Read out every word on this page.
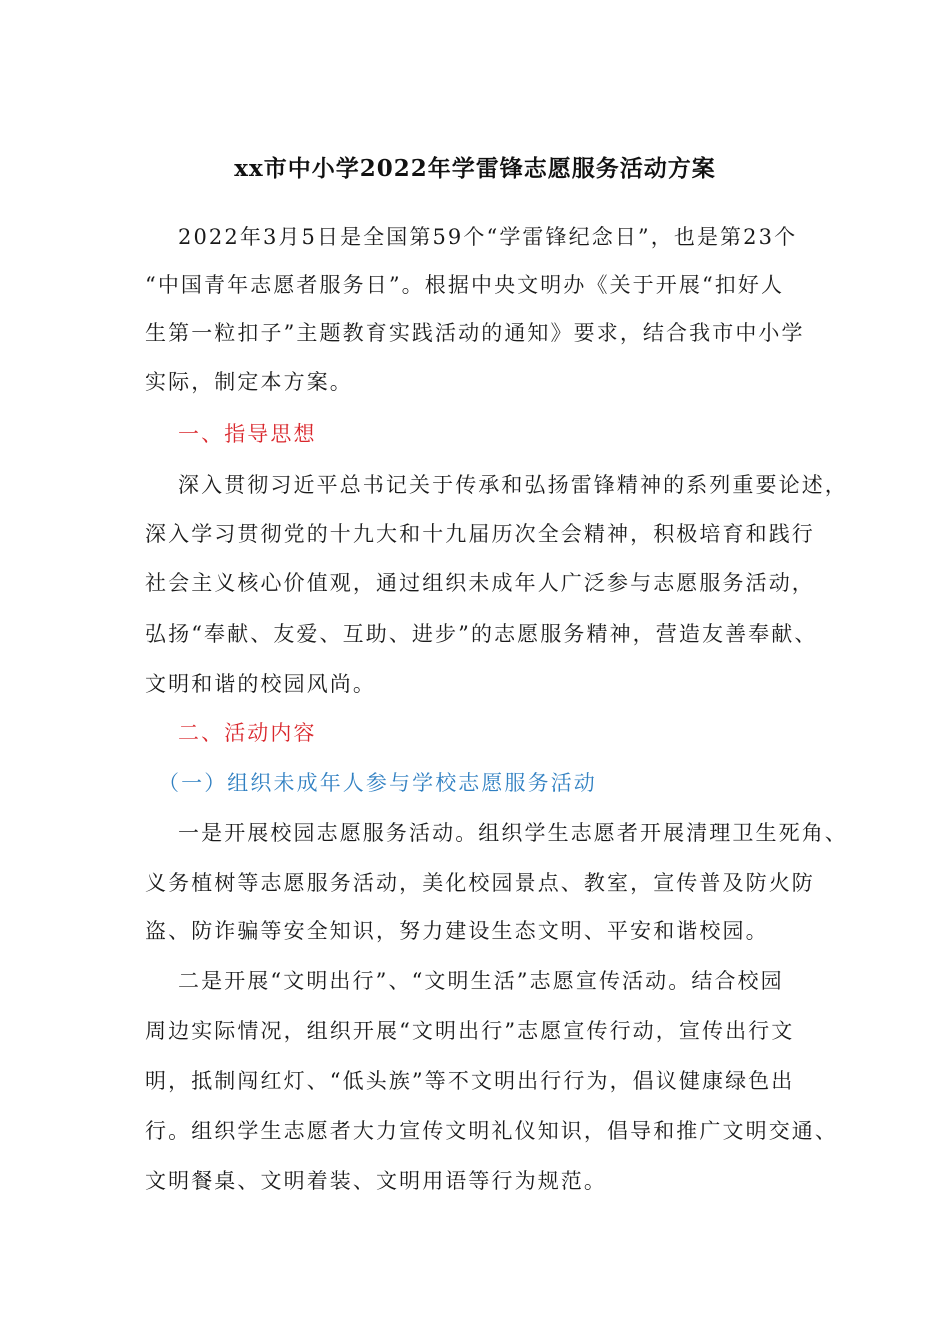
xx市中小学2022年学雷锋志愿服务活动方案
2022年3月5日是全国第59个“学雷锋纪念日”，也是第23个
“中国青年志愿者服务日”。根据中央文明办《关于开展“扣好人
生第一粒扣子”主题教育实践活动的通知》要求，结合我市中小学
实际，制定本方案。
一、指导思想
深入贯彻习近平总书记关于传承和弘扬雷锋精神的系列重要论述，
深入学习贯彻党的十九大和十九届历次全会精神，积极培育和践行
社会主义核心价值观，通过组织未成年人广泛参与志愿服务活动，
弘扬“奉献、友爱、互助、进步”的志愿服务精神，营造友善奉献、
文明和谐的校园风尚。
二、活动内容
（一）组织未成年人参与学校志愿服务活动
一是开展校园志愿服务活动。组织学生志愿者开展清理卫生死角、
义务植树等志愿服务活动，美化校园景点、教室，宣传普及防火防
盗、防诈骗等安全知识，努力建设生态文明、平安和谐校园。
二是开展“文明出行”、“文明生活”志愿宣传活动。结合校园
周边实际情况，组织开展“文明出行”志愿宣传行动，宣传出行文
明，抵制闯红灯、“低头族”等不文明出行行为，倡议健康绿色出
行。组织学生志愿者大力宣传文明礼仪知识，倡导和推广文明交通、
文明餐桌、文明着装、文明用语等行为规范。
